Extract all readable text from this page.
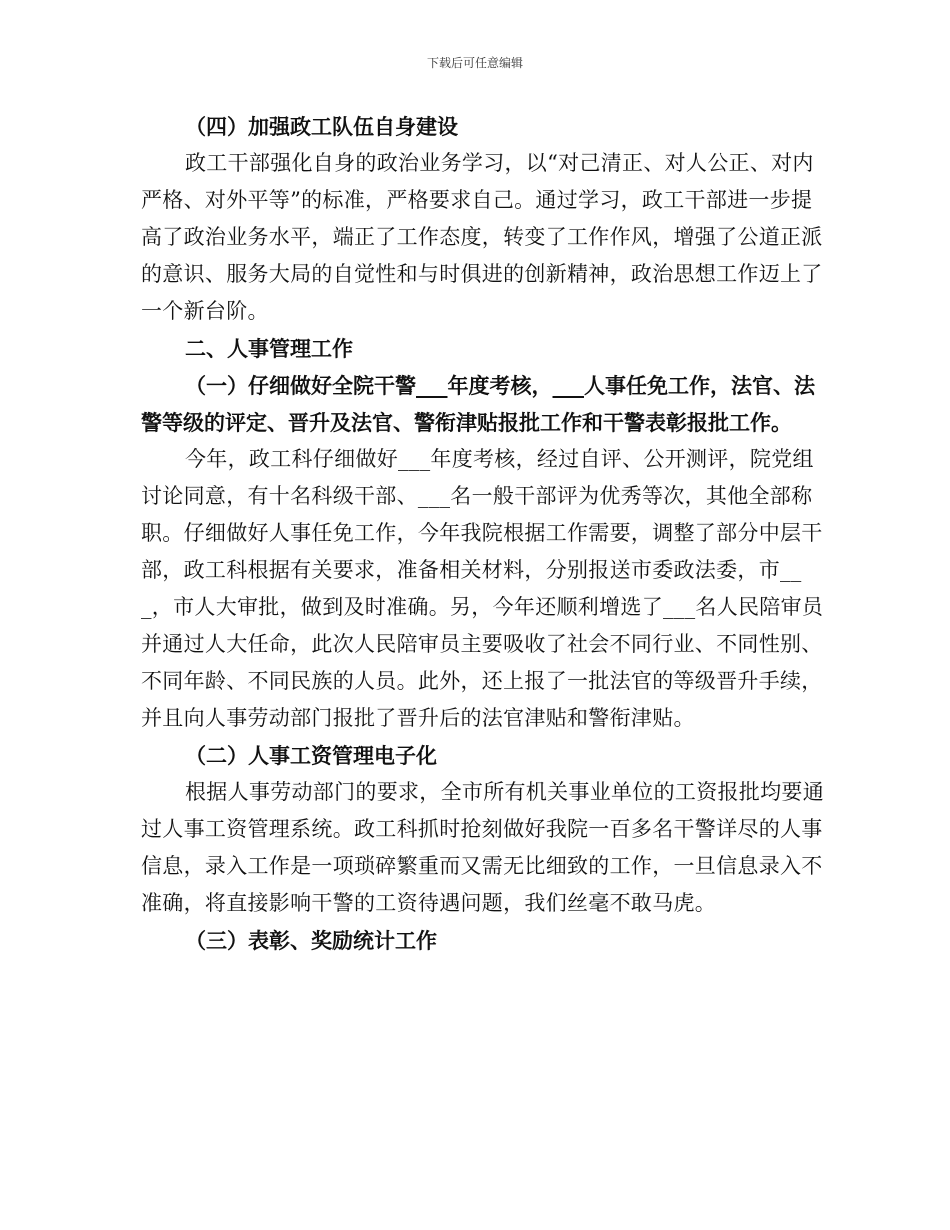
下载后可任意编辑

（四）加强政工队伍自身建设

政工干部强化自身的政治业务学习，以“对己清正、对人公正、对内严格、对外平等”的标准，严格要求自己。通过学习，政工干部进一步提高了政治业务水平，端正了工作态度，转变了工作作风，增强了公道正派的意识、服务大局的自觉性和与时俱进的创新精神，政治思想工作迈上了一个新台阶。

二、人事管理工作

（一）仔细做好全院干警___年度考核，___人事任免工作，法官、法警等级的评定、晋升及法官、警衔津贴报批工作和干警表彰报批工作。

今年，政工科仔细做好___年度考核，经过自评、公开测评，院党组讨论同意，有十名科级干部、___名一般干部评为优秀等次，其他全部称职。仔细做好人事任免工作，今年我院根据工作需要，调整了部分中层干部，政工科根据有关要求，准备相关材料，分别报送市委政法委，市___，市人大审批，做到及时准确。另，今年还顺利增选了___名人民陪审员并通过人大任命，此次人民陪审员主要吸收了社会不同行业、不同性别、不同年龄、不同民族的人员。此外，还上报了一批法官的等级晋升手续，并且向人事劳动部门报批了晋升后的法官津贴和警衔津贴。

（二）人事工资管理电子化

根据人事劳动部门的要求，全市所有机关事业单位的工资报批均要通过人事工资管理系统。政工科抓时抢刻做好我院一百多名干警详尽的人事信息，录入工作是一项琐碎繁重而又需无比细致的工作，一旦信息录入不准确，将直接影响干警的工资待遇问题，我们丝毫不敢马虎。

（三）表彰、奖励统计工作
